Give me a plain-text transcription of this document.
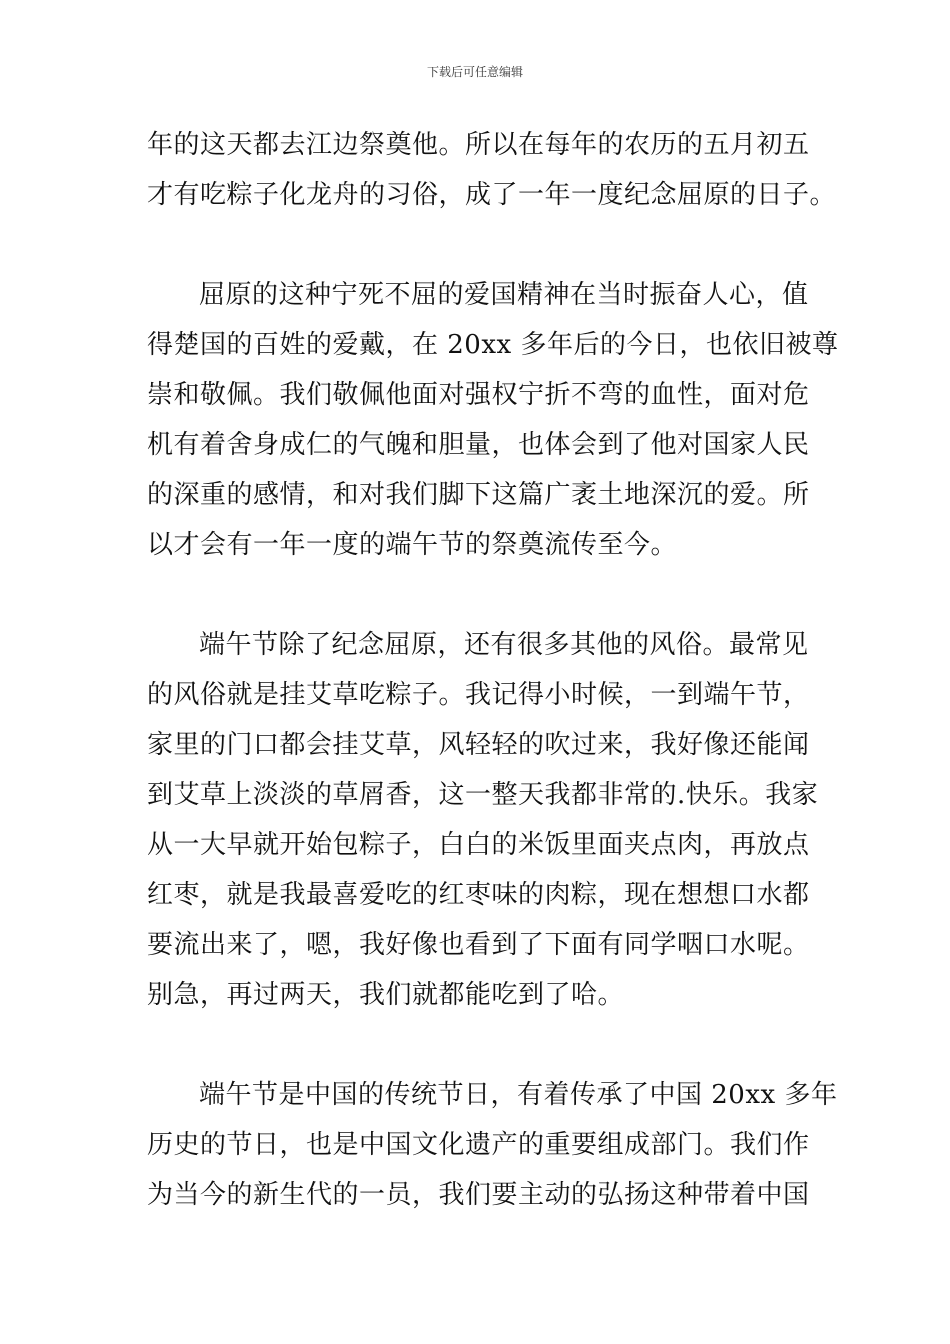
下载后可任意编辑
年的这天都去江边祭奠他。所以在每年的农历的五月初五
才有吃粽子化龙舟的习俗，成了一年一度纪念屈原的日子。
屈原的这种宁死不屈的爱国精神在当时振奋人心，值
得楚国的百姓的爱戴，在 20xx 多年后的今日，也依旧被尊
崇和敬佩。我们敬佩他面对强权宁折不弯的血性，面对危
机有着舍身成仁的气魄和胆量，也体会到了他对国家人民
的深重的感情，和对我们脚下这篇广袤土地深沉的爱。所
以才会有一年一度的端午节的祭奠流传至今。
端午节除了纪念屈原，还有很多其他的风俗。最常见
的风俗就是挂艾草吃粽子。我记得小时候，一到端午节，
家里的门口都会挂艾草，风轻轻的吹过来，我好像还能闻
到艾草上淡淡的草屑香，这一整天我都非常的.快乐。我家
从一大早就开始包粽子，白白的米饭里面夹点肉，再放点
红枣，就是我最喜爱吃的红枣味的肉粽，现在想想口水都
要流出来了，嗯，我好像也看到了下面有同学咽口水呢。
别急，再过两天，我们就都能吃到了哈。
端午节是中国的传统节日，有着传承了中国 20xx 多年
历史的节日，也是中国文化遗产的重要组成部门。我们作
为当今的新生代的一员，我们要主动的弘扬这种带着中国
